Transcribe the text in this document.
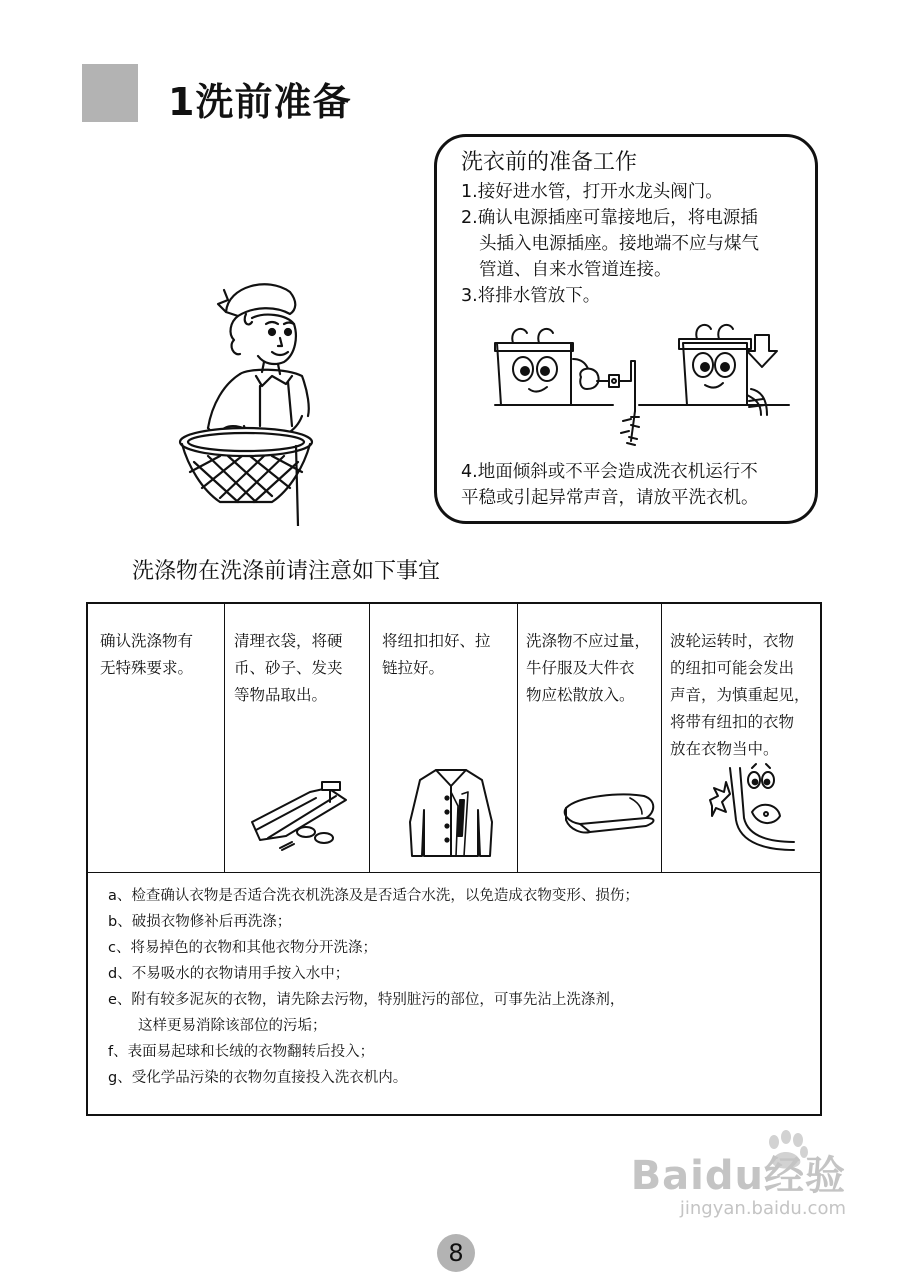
1洗前准备
洗衣前的准备工作
1.接好进水管，打开水龙头阀门。
2.确认电源插座可靠接地后，将电源插
头插入电源插座。接地端不应与煤气
管道、自来水管道连接。
3.将排水管放下。
4.地面倾斜或不平会造成洗衣机运行不
平稳或引起异常声音，请放平洗衣机。
洗涤物在洗涤前请注意如下事宜
确认洗涤物有
无特殊要求。
清理衣袋，将硬
币、砂子、发夹
等物品取出。
将纽扣扣好、拉
链拉好。
洗涤物不应过量，
牛仔服及大件衣
物应松散放入。
波轮运转时，衣物
的纽扣可能会发出
声音，为慎重起见，
将带有纽扣的衣物
放在衣物当中。
a、检查确认衣物是否适合洗衣机洗涤及是否适合水洗，以免造成衣物变形、损伤；
b、破损衣物修补后再洗涤；
c、将易掉色的衣物和其他衣物分开洗涤；
d、不易吸水的衣物请用手按入水中；
e、附有较多泥灰的衣物，请先除去污物，特别脏污的部位，可事先沾上洗涤剂，
这样更易消除该部位的污垢；
f、表面易起球和长绒的衣物翻转后投入；
g、受化学品污染的衣物勿直接投入洗衣机内。
Baidu经验
jingyan.baidu.com
8
